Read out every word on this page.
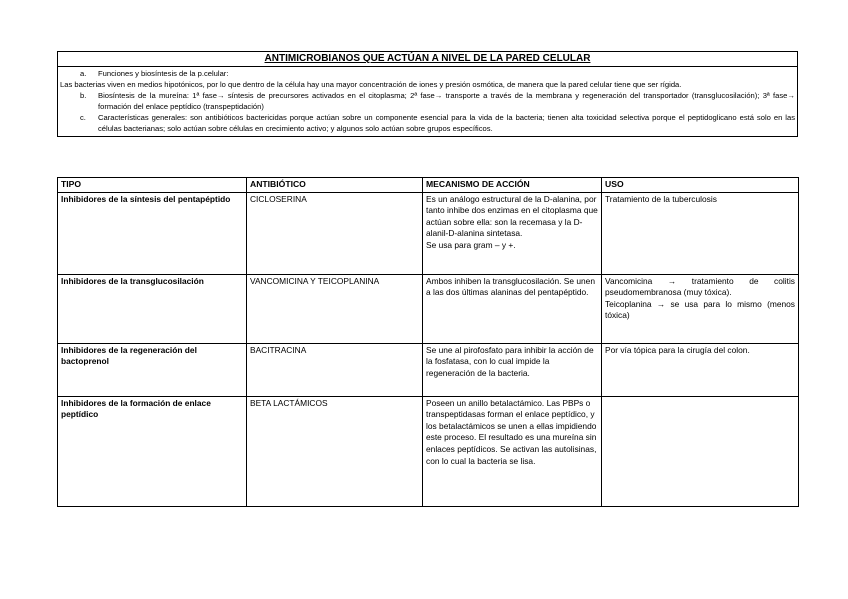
ANTIMICROBIANOS QUE ACTÚAN A NIVEL DE LA PARED CELULAR

a. Funciones y biosíntesis de la p.celular:

Las bacterias viven en medios hipotónicos, por lo que dentro de la célula hay una mayor concentración de iones y presión osmótica, de manera que la pared celular tiene que ser rígida.

b. Biosíntesis de la mureína: 1ª fase→ síntesis de precursores activados en el citoplasma; 2ª fase→ transporte a través de la membrana y regeneración del transportador (transglucosilación); 3ª fase→ formación del enlace peptídico (transpeptidación)

c. Características generales: son antibióticos bactericidas porque actúan sobre un componente esencial para la vida de la bacteria; tienen alta toxicidad selectiva porque el peptidoglicano está solo en las células bacterianas; solo actúan sobre células en crecimiento activo; y algunos solo actúan sobre grupos específicos.

TIPO	ANTIBIÓTICO	MECANISMO DE ACCIÓN	USO
Inhibidores de la síntesis del pentapéptido	CICLOSERINA	Es un análogo estructural de la D-alanina, por tanto inhibe dos enzimas en el citoplasma que actúan sobre ella: son la recemasa y la D-alanil-D-alanina sintetasa.
Se usa para gram – y +.	Tratamiento de la tuberculosis

Inhibidores de la transglucosilación	VANCOMICINA Y TEICOPLANINA	Ambos inhiben la transglucosilación. Se unen a las dos últimas alaninas del pentapéptido.	Vancomicina → tratamiento de colitis pseudomembranosa (muy tóxica).
Teicoplanina → se usa para lo mismo (menos tóxica)

Inhibidores de la regeneración del bactoprenol	BACITRACINA	Se une al pirofosfato para inhibir la acción de la fosfatasa, con lo cual impide la regeneración de la bacteria.	Por vía tópica para la cirugía del colon.

Inhibidores de la formación de enlace peptídico	BETA LACTÁMICOS	Poseen un anillo betalactámico. Las PBPs o transpeptidasas forman el enlace peptídico, y los betalactámicos se unen a ellas impidiendo este proceso. El resultado es una mureína sin enlaces peptídicos. Se activan las autolisinas, con lo cual la bacteria se lisa.	
